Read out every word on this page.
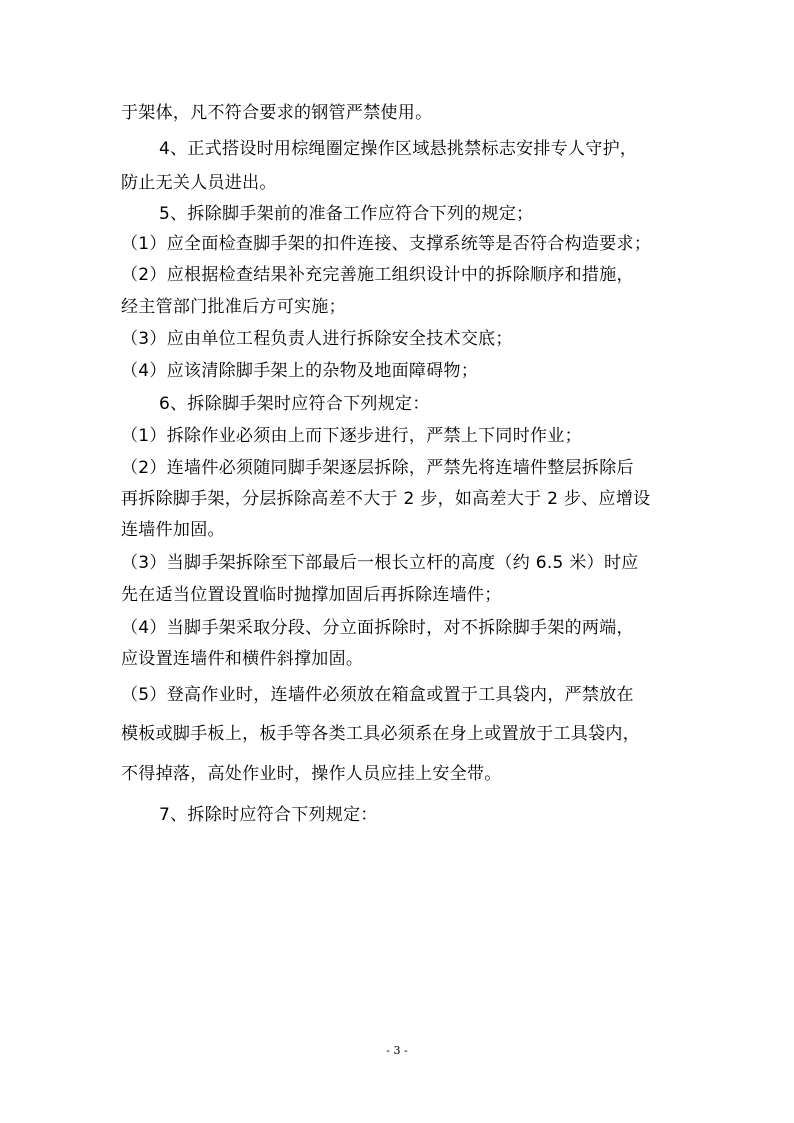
于架体，凡不符合要求的钢管严禁使用。
4、正式搭设时用棕绳圈定操作区域悬挑禁标志安排专人守护，
防止无关人员进出。
5、拆除脚手架前的准备工作应符合下列的规定；
（1）应全面检查脚手架的扣件连接、支撑系统等是否符合构造要求；
（2）应根据检查结果补充完善施工组织设计中的拆除顺序和措施，
经主管部门批准后方可实施；
（3）应由单位工程负责人进行拆除安全技术交底；
（4）应该清除脚手架上的杂物及地面障碍物；
6、拆除脚手架时应符合下列规定：
（1）拆除作业必须由上而下逐步进行，严禁上下同时作业；
（2）连墙件必须随同脚手架逐层拆除，严禁先将连墙件整层拆除后
再拆除脚手架，分层拆除高差不大于 2 步，如高差大于 2 步、应增设
连墙件加固。
（3）当脚手架拆除至下部最后一根长立杆的高度（约 6.5 米）时应
先在适当位置设置临时抛撑加固后再拆除连墙件；
（4）当脚手架采取分段、分立面拆除时，对不拆除脚手架的两端，
应设置连墙件和横件斜撑加固。
（5）登高作业时，连墙件必须放在箱盒或置于工具袋内，严禁放在
模板或脚手板上，板手等各类工具必须系在身上或置放于工具袋内，
不得掉落，高处作业时，操作人员应挂上安全带。
7、拆除时应符合下列规定：
- 3 -
